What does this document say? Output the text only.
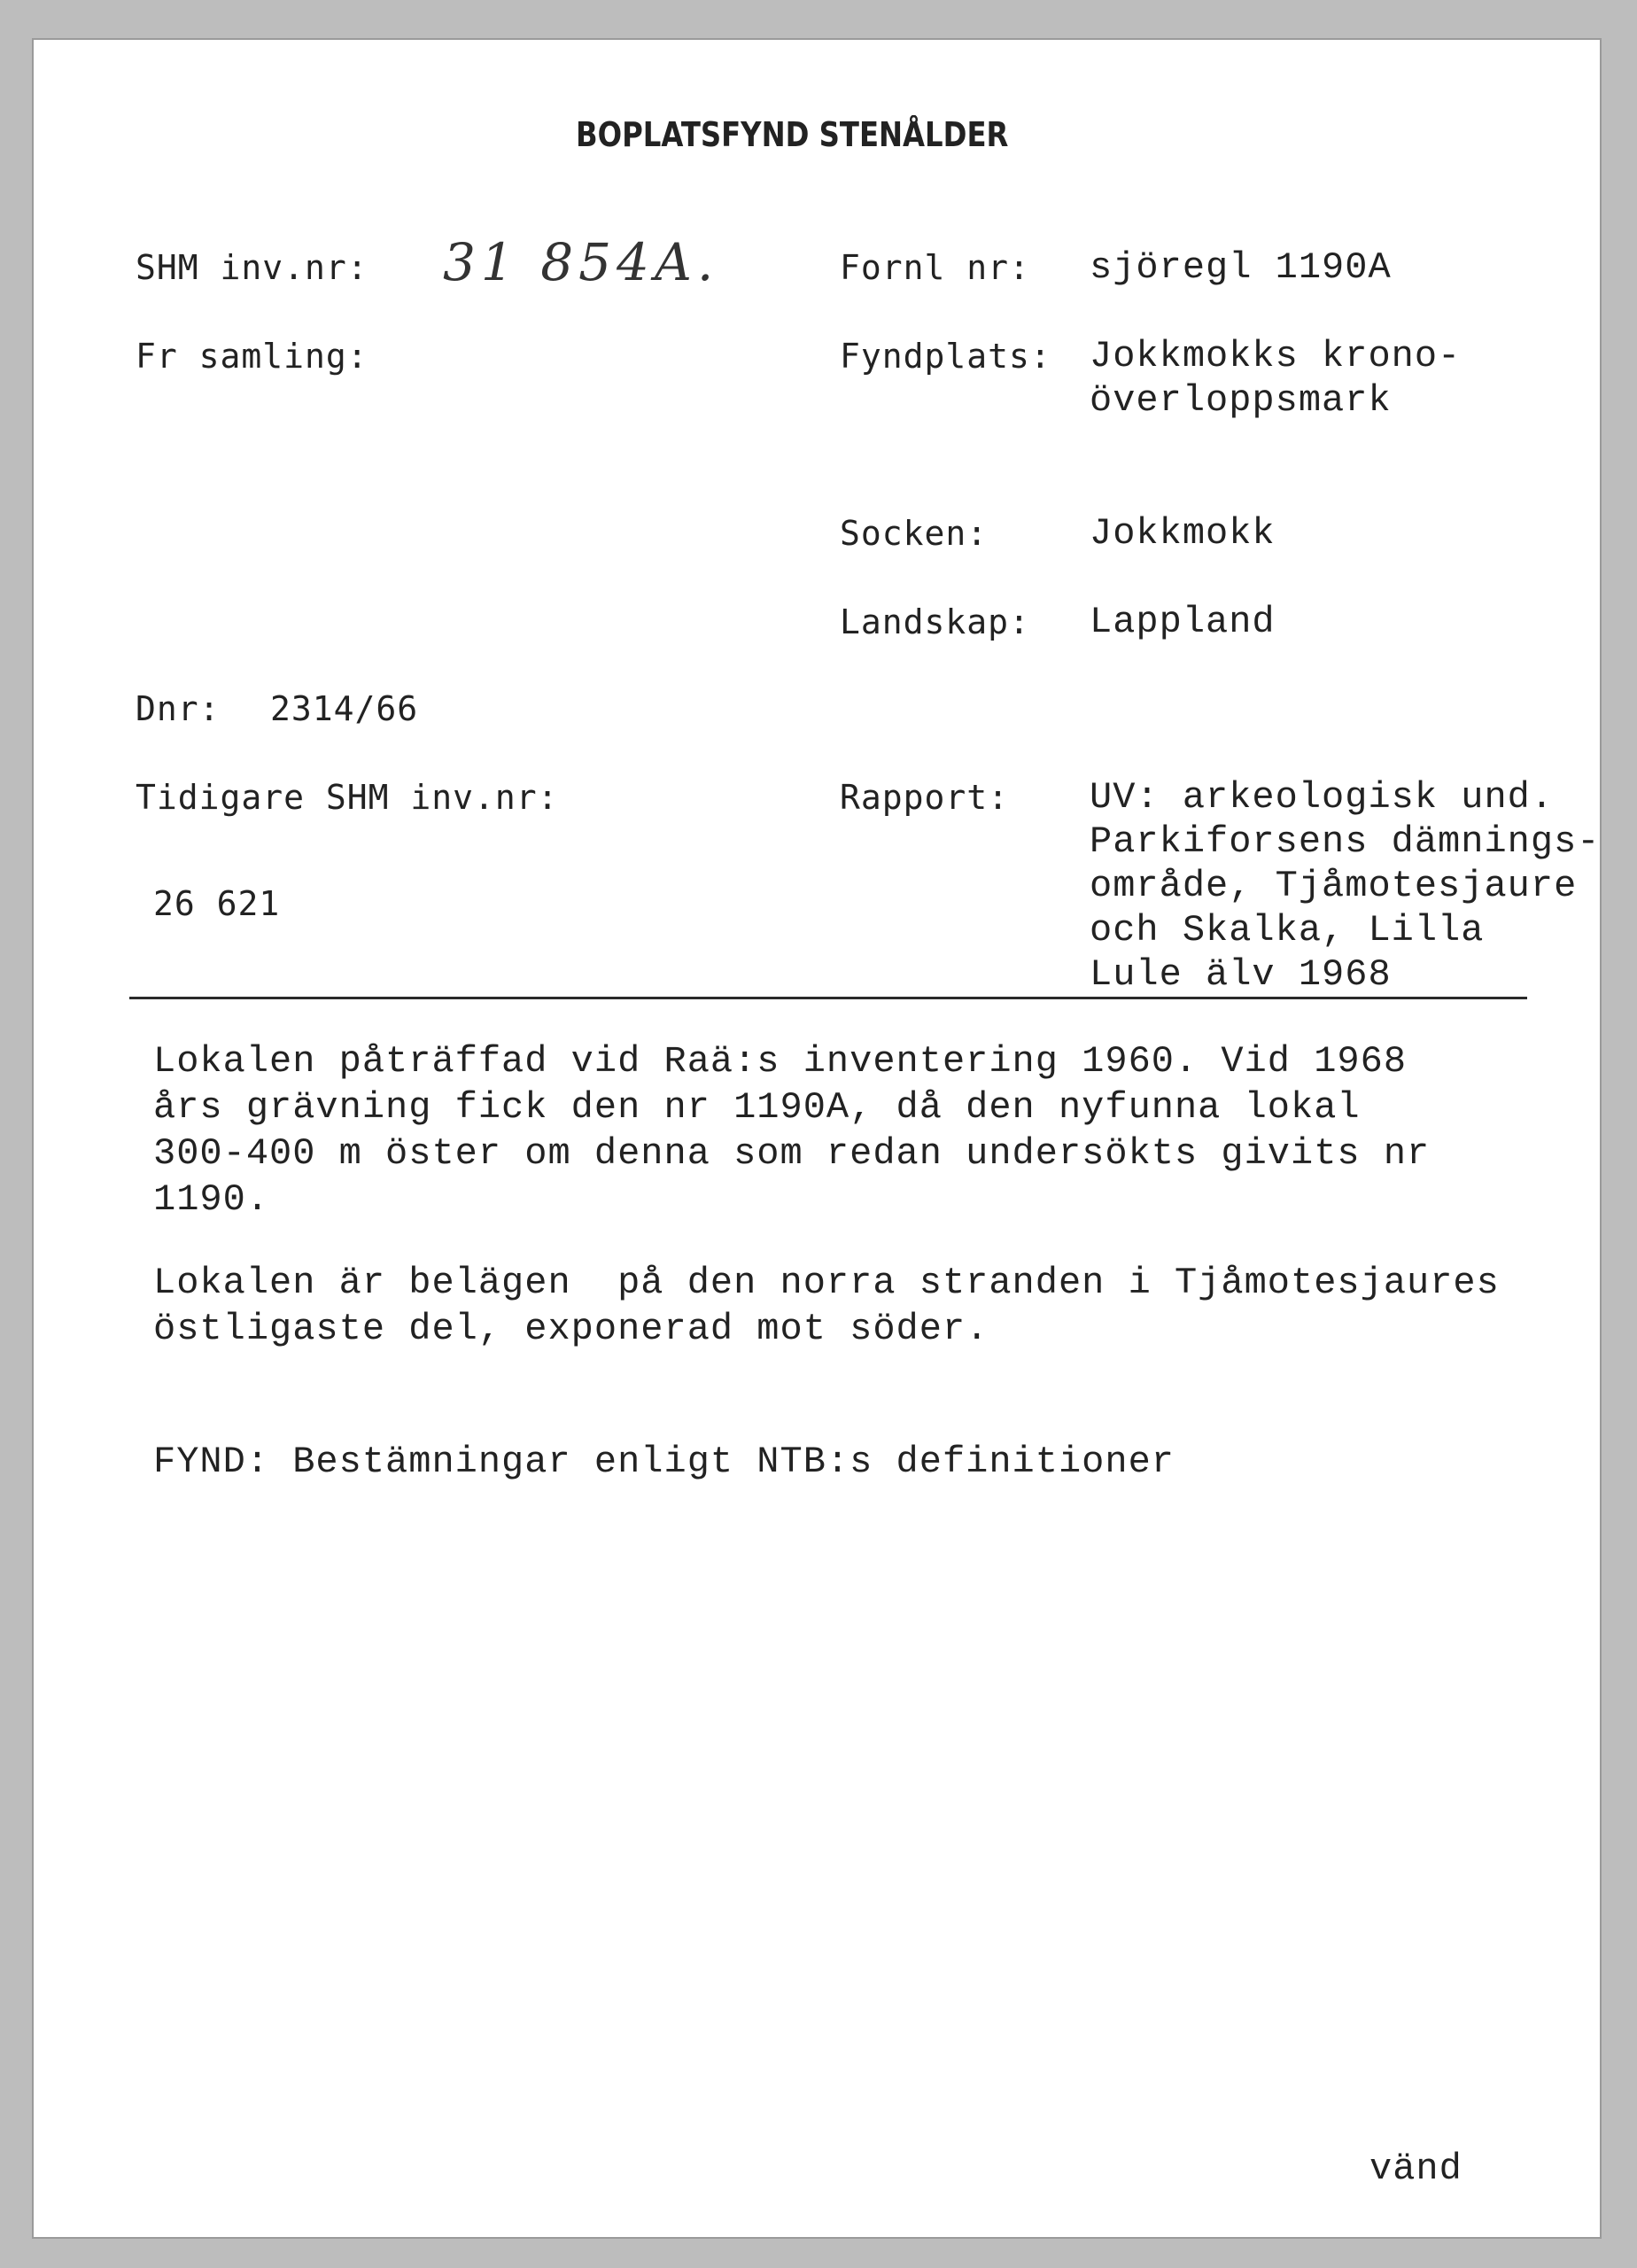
BOPLATSFYND STENÅLDER
SHM inv.nr: 31 854A.	Fornl nr: sjöregl 1190A
Fr samling:	Fyndplats: Jokkmokks krono-
överloppsmark
Socken:	Jokkmokk
Landskap: Lappland
Dnr: 2314/66
Tidigare SHM inv.nr:
26 621
Rapport: UV: arkeologisk und.
Parkiforsens dämnings-
område, Tjåmotesjaure
och Skalka, Lilla
Lule älv 1968
Lokalen påträffad vid Raä:s inventering 1960. Vid 1968
års grävning fick den nr 1190A, då den nyfunna lokal
300-400 m öster om denna som redan undersökts givits nr
1190.
Lokalen är belägen  på den norra stranden i Tjåmotesjaures
östligaste del, exponerad mot söder.
FYND: Bestämningar enligt NTB:s definitioner
vänd
